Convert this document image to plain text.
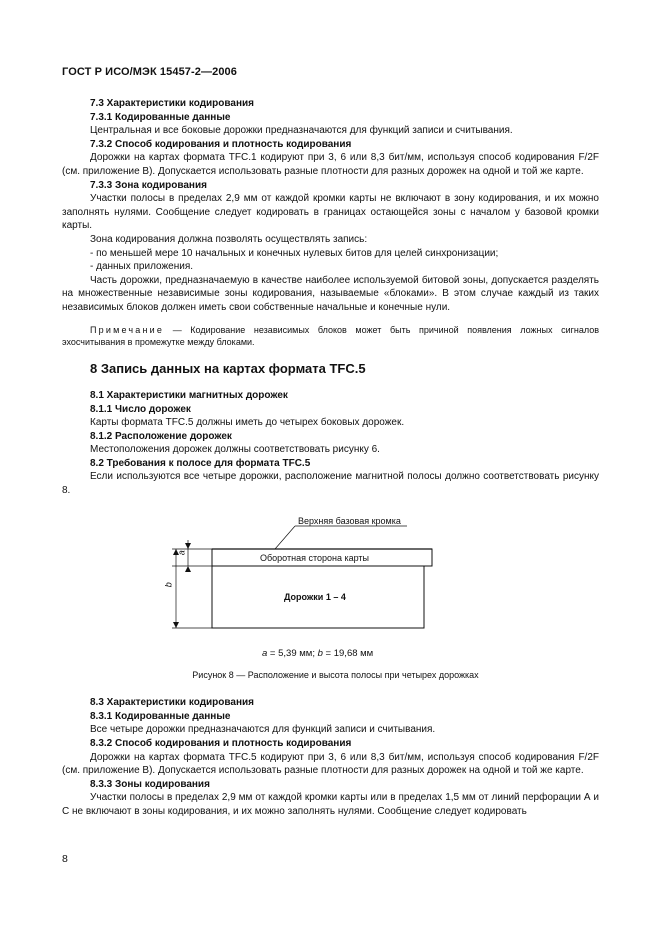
ГОСТ Р ИСО/МЭК 15457-2—2006

7.3 Характеристики кодирования

7.3.1 Кодированные данные

Центральная и все боковые дорожки предназначаются для функций записи и считывания.

7.3.2 Способ кодирования и плотность кодирования

Дорожки на картах формата TFC.1 кодируют при 3, 6 или 8,3 бит/мм, используя способ кодирования F/2F (см. приложение В). Допускается использовать разные плотности для разных дорожек на одной и той же карте.

7.3.3 Зона кодирования

Участки полосы в пределах 2,9 мм от каждой кромки карты не включают в зону кодирования, и их можно заполнять нулями. Сообщение следует кодировать в границах остающейся зоны с началом у базовой кромки карты.

Зона кодирования должна позволять осуществлять запись:

- по меньшей мере 10 начальных и конечных нулевых битов для целей синхронизации;

- данных приложения.

Часть дорожки, предназначаемую в качестве наиболее используемой битовой зоны, допускается разделять на множественные независимые зоны кодирования, называемые «блоками». В этом случае каждый из таких независимых блоков должен иметь свои собственные начальные и конечные нули.

Примечание — Кодирование независимых блоков может быть причиной появления ложных сигналов эхосчитывания в промежутке между блоками.

8 Запись данных на картах формата TFC.5

8.1 Характеристики магнитных дорожек

8.1.1 Число дорожек

Карты формата TFC.5 должны иметь до четырех боковых дорожек.

8.1.2 Расположение дорожек

Местоположения дорожек должны соответствовать рисунку 6.

8.2 Требования к полосе для формата TFC.5

Если используются все четыре дорожки, расположение магнитной полосы должно соответствовать рисунку 8.

Верхняя базовая кромка
Оборотная сторона карты
Дорожки 1 – 4
a
b
a = 5,39 мм; b = 19,68 мм

Рисунок 8 — Расположение и высота полосы при четырех дорожках

8.3 Характеристики кодирования

8.3.1 Кодированные данные

Все четыре дорожки предназначаются для функций записи и считывания.

8.3.2 Способ кодирования и плотность кодирования

Дорожки на картах формата TFC.5 кодируют при 3, 6 или 8,3 бит/мм, используя способ кодирования F/2F (см. приложение В). Допускается использовать разные плотности для разных дорожек на одной и той же карте.

8.3.3 Зоны кодирования

Участки полосы в пределах 2,9 мм от каждой кромки карты или в пределах 1,5 мм от линий перфорации А и С не включают в зоны кодирования, и их можно заполнять нулями. Сообщение следует кодировать

8
